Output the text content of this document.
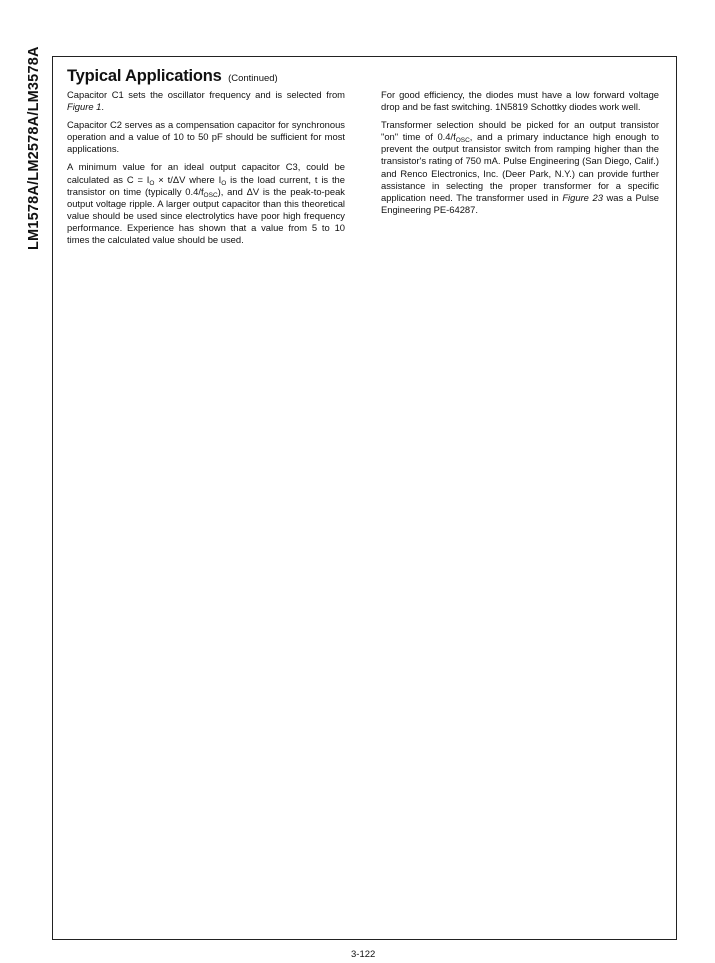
LM1578A/LM2578A/LM3578A Typical Applications (Continued)

Capacitor C1 sets the oscillator frequency and is selected from Figure 1.

Capacitor C2 serves as a compensation capacitor for synchronous operation and a value of 10 to 50 pF should be sufficient for most applications.

A minimum value for an ideal output capacitor C3, could be calculated as $C = I_O \times t/\Delta V$ where $I_O$ is the load current, t is the transistor on time (typically $0.4/f_{OSC}$), and ΔV is the peak-to-peak output voltage ripple. A larger output capacitor than this theoretical value should be used since electrolytics have poor high frequency performance. Experience has shown that a value from 5 to 10 times the calculated value should be used.

For good efficiency, the diodes must have a low forward voltage drop and be fast switching. 1N5819 Schottky diodes work well.

Transformer selection should be picked for an output transistor "on" time of $0.4/f_{OSC}$, and a primary inductance high enough to prevent the output transistor switch from ramping higher than the transistor's rating of 750 mA. Pulse Engineering (San Diego, Calif.) and Renco Electronics, Inc. (Deer Park, N.Y.) can provide further assistance in selecting the proper transformer for a specific application need. The transformer used in Figure 23 was a Pulse Engineering PE-64287.

3-122
